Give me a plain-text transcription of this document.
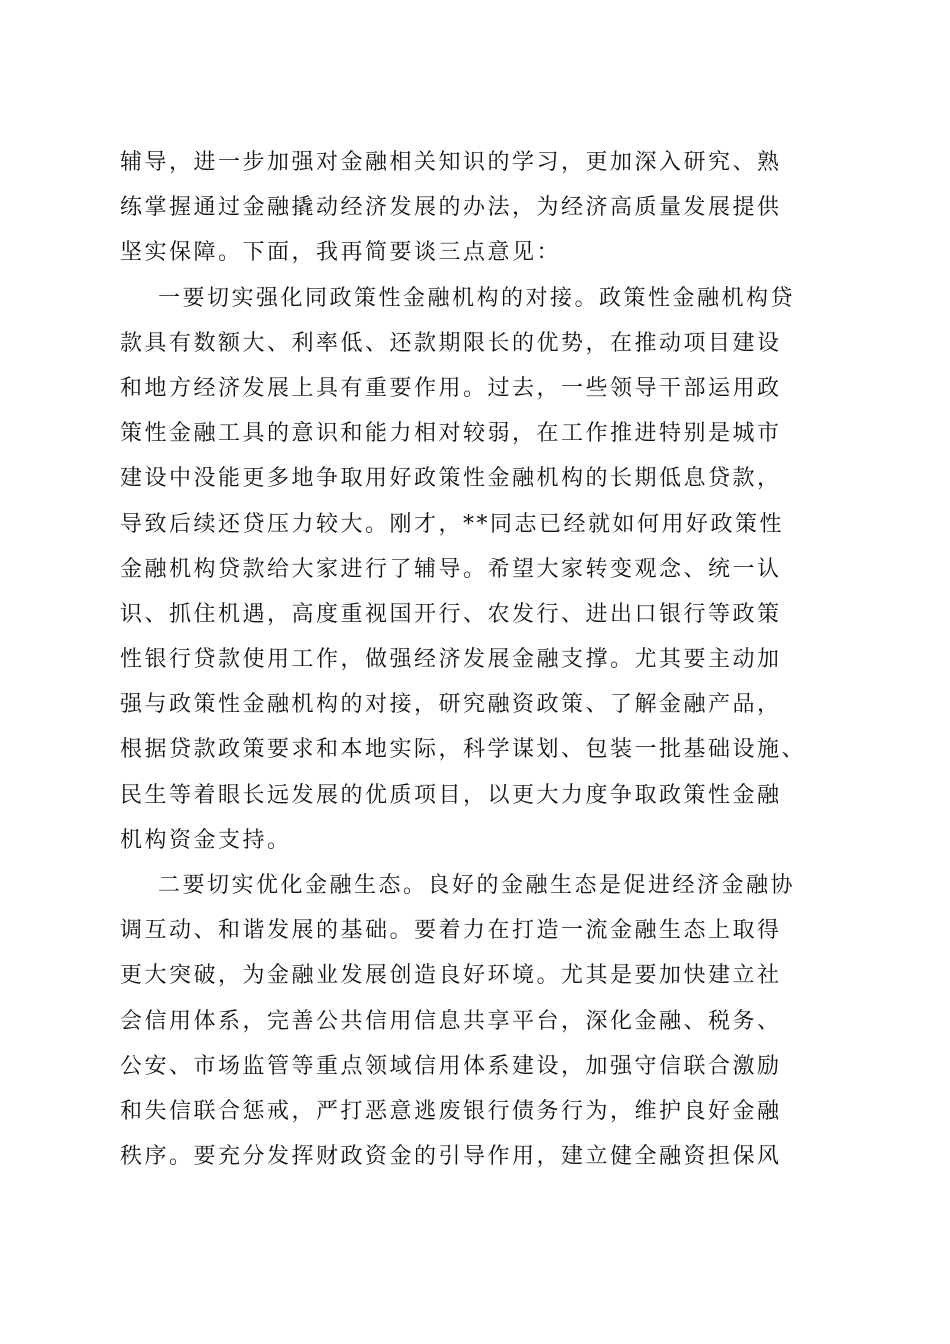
辅导，进一步加强对金融相关知识的学习，更加深入研究、熟
练掌握通过金融撬动经济发展的办法，为经济高质量发展提供
坚实保障。下面，我再简要谈三点意见：
一要切实强化同政策性金融机构的对接。政策性金融机构贷
款具有数额大、利率低、还款期限长的优势，在推动项目建设
和地方经济发展上具有重要作用。过去，一些领导干部运用政
策性金融工具的意识和能力相对较弱，在工作推进特别是城市
建设中没能更多地争取用好政策性金融机构的长期低息贷款，
导致后续还贷压力较大。刚才，**同志已经就如何用好政策性
金融机构贷款给大家进行了辅导。希望大家转变观念、统一认
识、抓住机遇，高度重视国开行、农发行、进出口银行等政策
性银行贷款使用工作，做强经济发展金融支撑。尤其要主动加
强与政策性金融机构的对接，研究融资政策、了解金融产品，
根据贷款政策要求和本地实际，科学谋划、包装一批基础设施、
民生等着眼长远发展的优质项目，以更大力度争取政策性金融
机构资金支持。
二要切实优化金融生态。良好的金融生态是促进经济金融协
调互动、和谐发展的基础。要着力在打造一流金融生态上取得
更大突破，为金融业发展创造良好环境。尤其是要加快建立社
会信用体系，完善公共信用信息共享平台，深化金融、税务、
公安、市场监管等重点领域信用体系建设，加强守信联合激励
和失信联合惩戒，严打恶意逃废银行债务行为，维护良好金融
秩序。要充分发挥财政资金的引导作用，建立健全融资担保风
